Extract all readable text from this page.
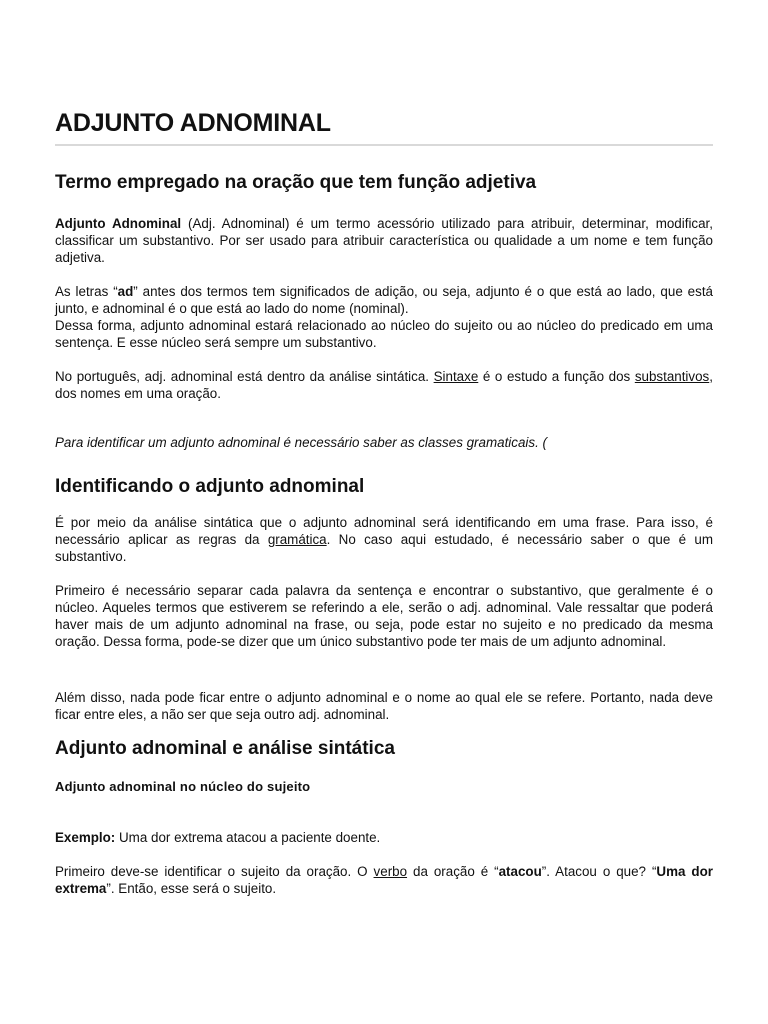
ADJUNTO ADNOMINAL
Termo empregado na oração que tem função adjetiva

Adjunto Adnominal (Adj. Adnominal) é um termo acessório utilizado para atribuir, determinar, modificar, classificar um substantivo. Por ser usado para atribuir característica ou qualidade a um nome e tem função adjetiva.

As letras “ad” antes dos termos tem significados de adição, ou seja, adjunto é o que está ao lado, que está junto, e adnominal é o que está ao lado do nome (nominal).
Dessa forma, adjunto adnominal estará relacionado ao núcleo do sujeito ou ao núcleo do predicado em uma sentença. E esse núcleo será sempre um substantivo.

No português, adj. adnominal está dentro da análise sintática. Sintaxe é o estudo a função dos substantivos, dos nomes em uma oração.

Para identificar um adjunto adnominal é necessário saber as classes gramaticais. (

Identificando o adjunto adnominal

É por meio da análise sintática que o adjunto adnominal será identificando em uma frase. Para isso, é necessário aplicar as regras da gramática. No caso aqui estudado, é necessário saber o que é um substantivo.

Primeiro é necessário separar cada palavra da sentença e encontrar o substantivo, que geralmente é o núcleo. Aqueles termos que estiverem se referindo a ele, serão o adj. adnominal. Vale ressaltar que poderá haver mais de um adjunto adnominal na frase, ou seja, pode estar no sujeito e no predicado da mesma oração. Dessa forma, pode-se dizer que um único substantivo pode ter mais de um adjunto adnominal.

Além disso, nada pode ficar entre o adjunto adnominal e o nome ao qual ele se refere. Portanto, nada deve ficar entre eles, a não ser que seja outro adj. adnominal.

Adjunto adnominal e análise sintática
Adjunto adnominal no núcleo do sujeito

Exemplo: Uma dor extrema atacou a paciente doente.

Primeiro deve-se identificar o sujeito da oração. O verbo da oração é “atacou”. Atacou o que? “Uma dor extrema”. Então, esse será o sujeito.
